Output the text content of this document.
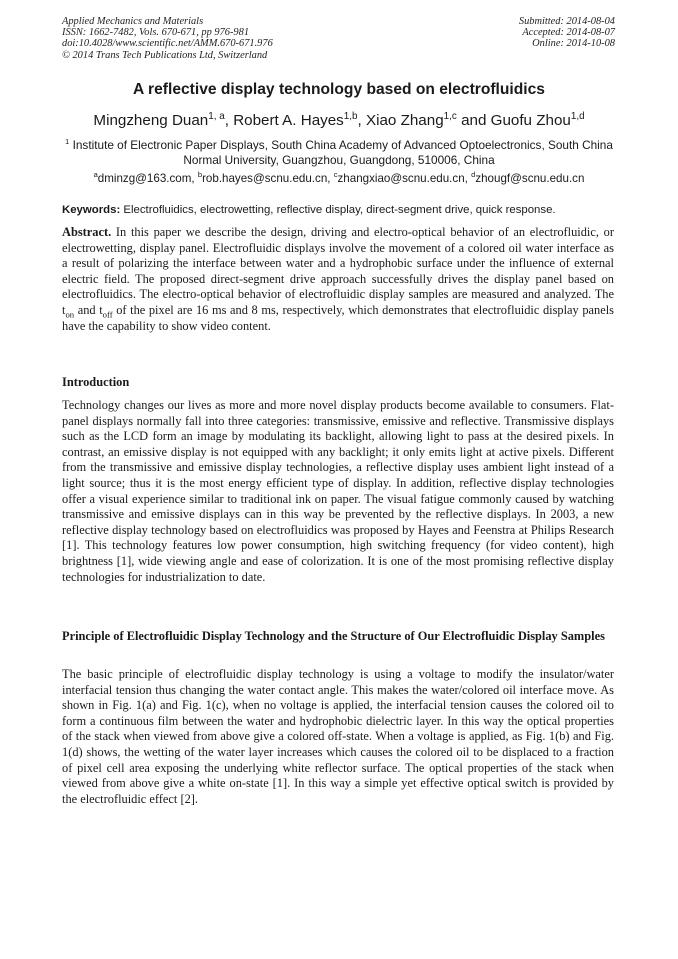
Applied Mechanics and Materials
ISSN: 1662-7482, Vols. 670-671, pp 976-981
doi:10.4028/www.scientific.net/AMM.670-671.976
© 2014 Trans Tech Publications Ltd, Switzerland
Submitted: 2014-08-04
Accepted: 2014-08-07
Online: 2014-10-08
A reflective display technology based on electrofluidics
Mingzheng Duan$^{1, a}$, Robert A. Hayes$^{1,b}$, Xiao Zhang$^{1,c}$ and Guofu Zhou$^{1,d}$
$^1$ Institute of Electronic Paper Displays, South China Academy of Advanced Optoelectronics, South China Normal University, Guangzhou, Guangdong, 510006, China
$^a$dminzg@163.com, $^b$rob.hayes@scnu.edu.cn, $^c$zhangxiao@scnu.edu.cn, $^d$zhougf@scnu.edu.cn
Keywords: Electrofluidics, electrowetting, reflective display, direct-segment drive, quick response.

Abstract. In this paper we describe the design, driving and electro-optical behavior of an electrofluidic, or electrowetting, display panel. Electrofluidic displays involve the movement of a colored oil water interface as a result of polarizing the interface between water and a hydrophobic surface under the influence of external electric field. The proposed direct-segment drive approach successfully drives the display panel based on electrofluidics. The electro-optical behavior of electrofluidic display samples are measured and analyzed. The $t_{on}$ and $t_{off}$ of the pixel are 16 ms and 8 ms, respectively, which demonstrates that electrofluidic display panels have the capability to show video content.

Introduction

Technology changes our lives as more and more novel display products become available to consumers. Flat-panel displays normally fall into three categories: transmissive, emissive and reflective. Transmissive displays such as the LCD form an image by modulating its backlight, allowing light to pass at the desired pixels. In contrast, an emissive display is not equipped with any backlight; it only emits light at active pixels. Different from the transmissive and emissive display technologies, a reflective display uses ambient light instead of a light source; thus it is the most energy efficient type of display. In addition, reflective display technologies offer a visual experience similar to traditional ink on paper. The visual fatigue commonly caused by watching transmissive and emissive displays can in this way be prevented by the reflective displays. In 2003, a new reflective display technology based on electrofluidics was proposed by Hayes and Feenstra at Philips Research [1]. This technology features low power consumption, high switching frequency (for video content), high brightness [1], wide viewing angle and ease of colorization. It is one of the most promising reflective display technologies for industrialization to date.

Principle of Electrofluidic Display Technology and the Structure of Our Electrofluidic Display Samples

The basic principle of electrofluidic display technology is using a voltage to modify the insulator/water interfacial tension thus changing the water contact angle. This makes the water/colored oil interface move. As shown in Fig. 1(a) and Fig. 1(c), when no voltage is applied, the interfacial tension causes the colored oil to form a continuous film between the water and hydrophobic dielectric layer. In this way the optical properties of the stack when viewed from above give a colored off-state. When a voltage is applied, as Fig. 1(b) and Fig. 1(d) shows, the wetting of the water layer increases which causes the colored oil to be displaced to a fraction of pixel cell area exposing the underlying white reflector surface. The optical properties of the stack when viewed from above give a white on-state [1]. In this way a simple yet effective optical switch is provided by the electrofluidic effect [2].
